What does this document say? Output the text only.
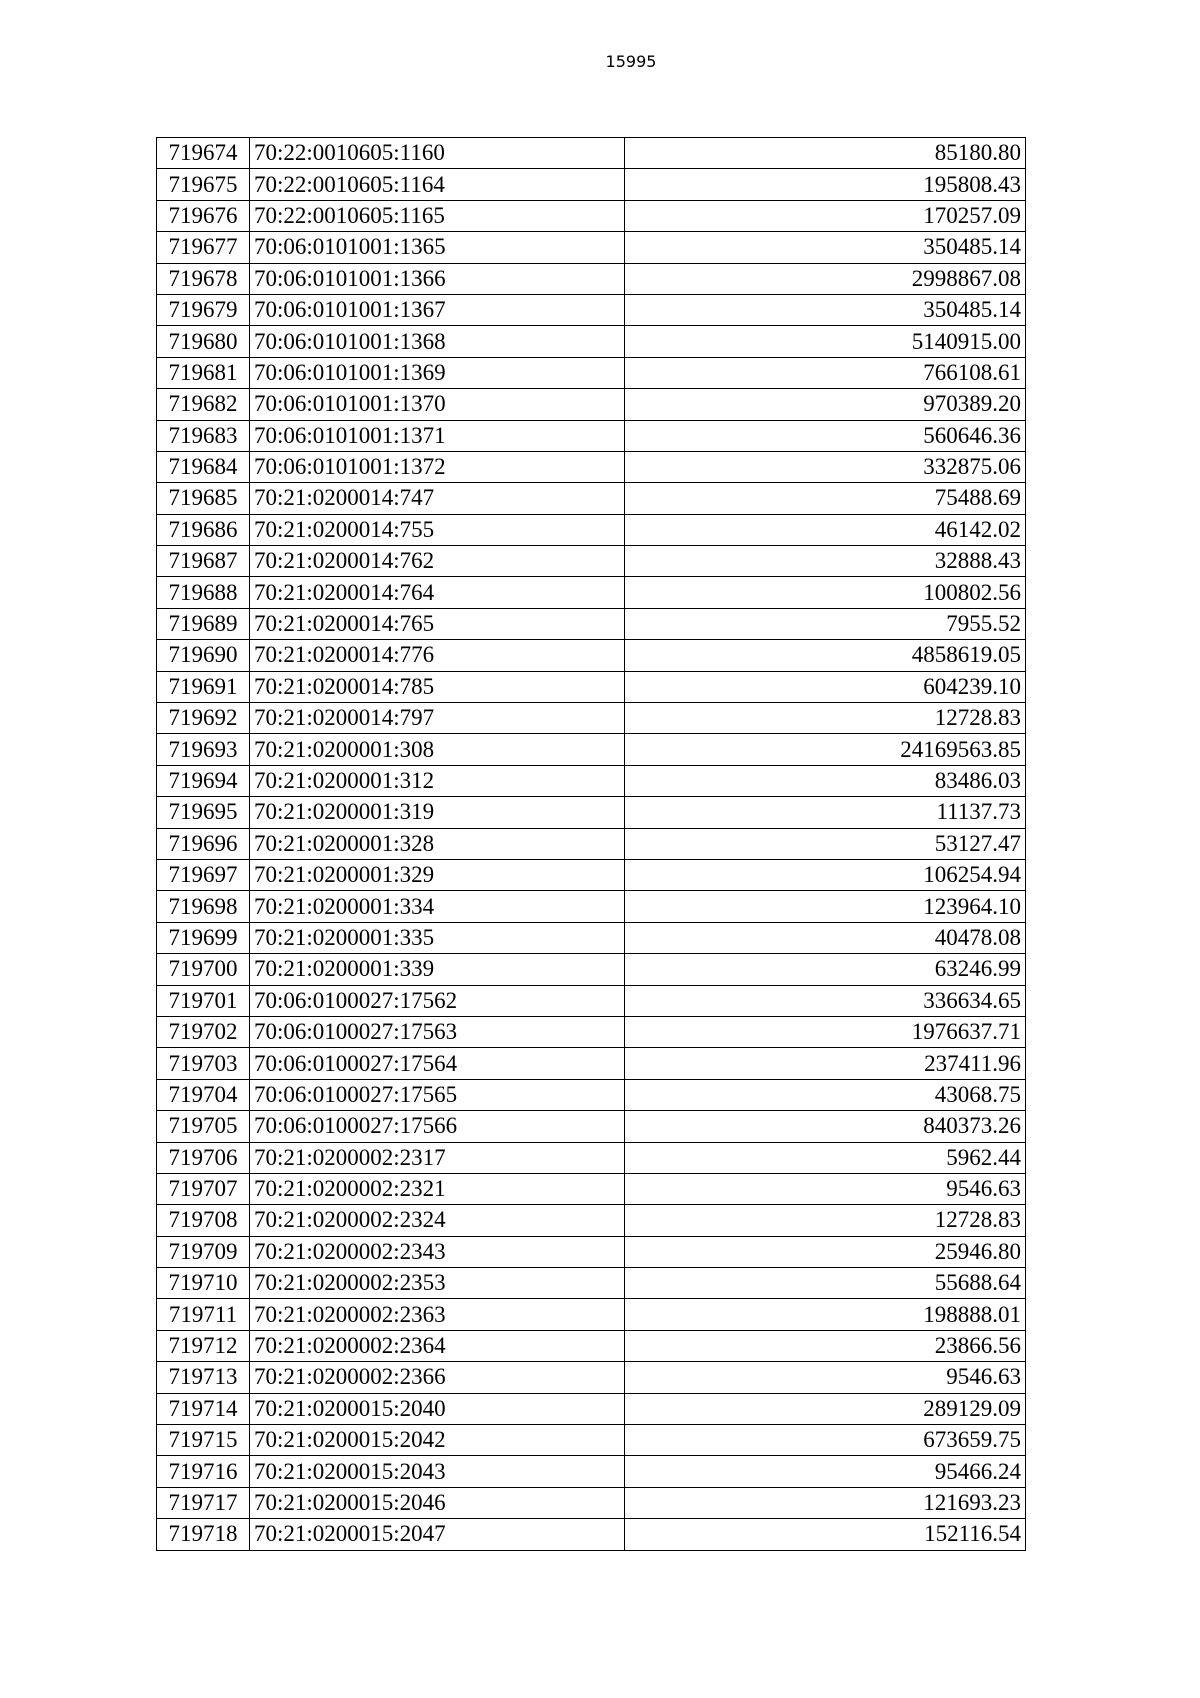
15995
719674	70:22:0010605:1160	85180.80
719675	70:22:0010605:1164	195808.43
719676	70:22:0010605:1165	170257.09
719677	70:06:0101001:1365	350485.14
719678	70:06:0101001:1366	2998867.08
719679	70:06:0101001:1367	350485.14
719680	70:06:0101001:1368	5140915.00
719681	70:06:0101001:1369	766108.61
719682	70:06:0101001:1370	970389.20
719683	70:06:0101001:1371	560646.36
719684	70:06:0101001:1372	332875.06
719685	70:21:0200014:747	75488.69
719686	70:21:0200014:755	46142.02
719687	70:21:0200014:762	32888.43
719688	70:21:0200014:764	100802.56
719689	70:21:0200014:765	7955.52
719690	70:21:0200014:776	4858619.05
719691	70:21:0200014:785	604239.10
719692	70:21:0200014:797	12728.83
719693	70:21:0200001:308	24169563.85
719694	70:21:0200001:312	83486.03
719695	70:21:0200001:319	11137.73
719696	70:21:0200001:328	53127.47
719697	70:21:0200001:329	106254.94
719698	70:21:0200001:334	123964.10
719699	70:21:0200001:335	40478.08
719700	70:21:0200001:339	63246.99
719701	70:06:0100027:17562	336634.65
719702	70:06:0100027:17563	1976637.71
719703	70:06:0100027:17564	237411.96
719704	70:06:0100027:17565	43068.75
719705	70:06:0100027:17566	840373.26
719706	70:21:0200002:2317	5962.44
719707	70:21:0200002:2321	9546.63
719708	70:21:0200002:2324	12728.83
719709	70:21:0200002:2343	25946.80
719710	70:21:0200002:2353	55688.64
719711	70:21:0200002:2363	198888.01
719712	70:21:0200002:2364	23866.56
719713	70:21:0200002:2366	9546.63
719714	70:21:0200015:2040	289129.09
719715	70:21:0200015:2042	673659.75
719716	70:21:0200015:2043	95466.24
719717	70:21:0200015:2046	121693.23
719718	70:21:0200015:2047	152116.54
